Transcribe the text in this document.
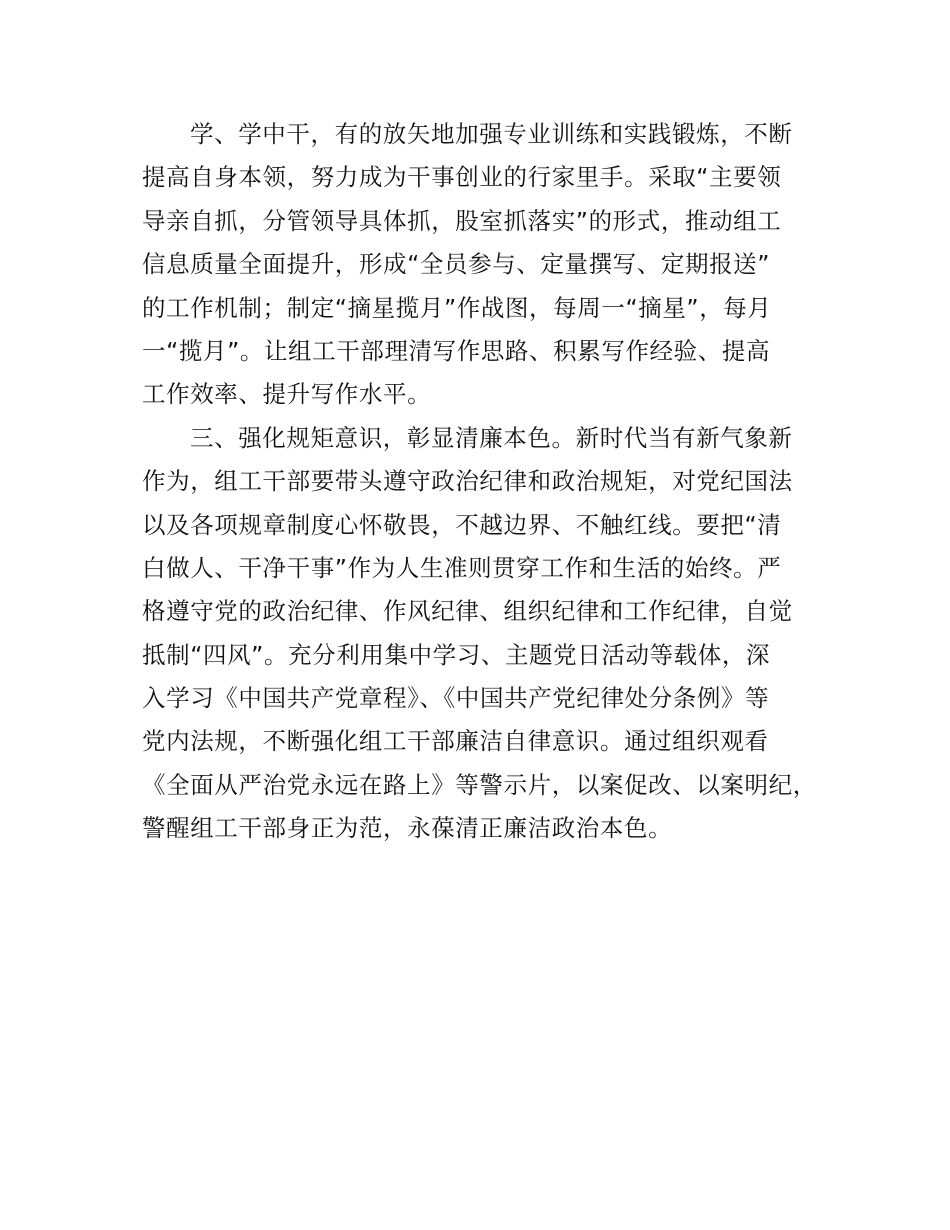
学、学中干，有的放矢地加强专业训练和实践锻炼，不断
提高自身本领，努力成为干事创业的行家里手。采取“主要领
导亲自抓，分管领导具体抓，股室抓落实”的形式，推动组工
信息质量全面提升，形成“全员参与、定量撰写、定期报送”
的工作机制；制定“摘星揽月”作战图，每周一“摘星”，每月
一“揽月”。让组工干部理清写作思路、积累写作经验、提高
工作效率、提升写作水平。
三、强化规矩意识，彰显清廉本色。新时代当有新气象新
作为，组工干部要带头遵守政治纪律和政治规矩，对党纪国法
以及各项规章制度心怀敬畏，不越边界、不触红线。要把“清
白做人、干净干事”作为人生准则贯穿工作和生活的始终。严
格遵守党的政治纪律、作风纪律、组织纪律和工作纪律，自觉
抵制“四风”。充分利用集中学习、主题党日活动等载体，深
入学习《中国共产党章程》、《中国共产党纪律处分条例》等
党内法规，不断强化组工干部廉洁自律意识。通过组织观看
《全面从严治党永远在路上》等警示片，以案促改、以案明纪，
警醒组工干部身正为范，永葆清正廉洁政治本色。
